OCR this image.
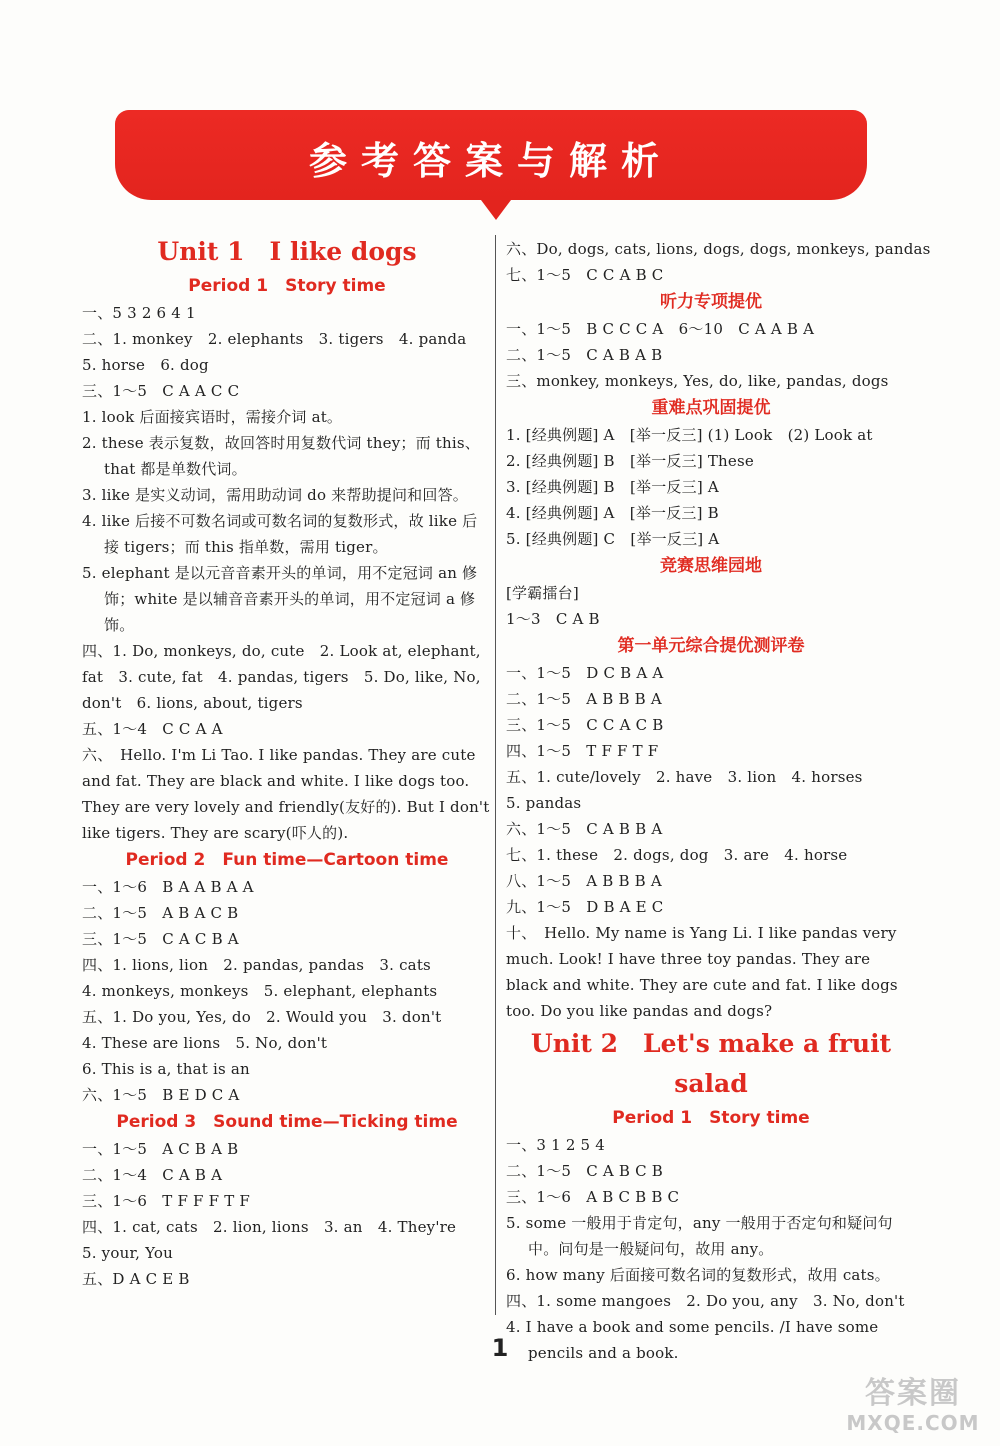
参考答案与解析
Unit 1　I like dogs
Period 1　Story time

一、5 3 2 6 4 1

二、1. monkey　2. elephants　3. tigers　4. panda

5. horse　6. dog

三、1～5　C A A C C

1. look 后面接宾语时，需接介词 at。

2. these 表示复数，故回答时用复数代词 they；而 this、that 都是单数代词。

3. like 是实义动词，需用助动词 do 来帮助提问和回答。

4. like 后接不可数名词或可数名词的复数形式，故 like 后接 tigers；而 this 指单数，需用 tiger。

5. elephant 是以元音音素开头的单词，用不定冠词 an 修饰；white 是以辅音音素开头的单词，用不定冠词 a 修饰。

四、1. Do, monkeys, do, cute　2. Look at, elephant, fat　3. cute, fat　4. pandas, tigers　5. Do, like, No, don't　6. lions, about, tigers

五、1～4　C C A A

六、　Hello. I'm Li Tao. I like pandas. They are cute and fat. They are black and white. I like dogs too. They are very lovely and friendly(友好的). But I don't like tigers. They are scary(吓人的).

Period 2　Fun time—Cartoon time

一、1～6　B A A B A A

二、1～5　A B A C B

三、1～5　C A C B A

四、1. lions, lion　2. pandas, pandas　3. cats

4. monkeys, monkeys　5. elephant, elephants

五、1. Do you, Yes, do　2. Would you　3. don't

4. These are lions　5. No, don't

6. This is a, that is an

六、1～5　B E D C A

Period 3　Sound time—Ticking time

一、1～5　A C B A B

二、1～4　C A B A

三、1～6　T F F F T F

四、1. cat, cats　2. lion, lions　3. an　4. They're

5. your, You

五、D A C E B

六、Do, dogs, cats, lions, dogs, dogs, monkeys, pandas

七、1～5　C C A B C

听力专项提优

一、1～5　B C C C A　6～10　C A A B A

二、1～5　C A B A B

三、monkey, monkeys, Yes, do, like, pandas, dogs

重难点巩固提优

1. [经典例题] A　[举一反三] (1) Look　(2) Look at

2. [经典例题] B　[举一反三] These

3. [经典例题] B　[举一反三] A

4. [经典例题] A　[举一反三] B

5. [经典例题] C　[举一反三] A

竞赛思维园地

[学霸擂台]

1～3　C A B

第一单元综合提优测评卷

一、1～5　D C B A A

二、1～5　A B B B A

三、1～5　C C A C B

四、1～5　T F F T F

五、1. cute/lovely　2. have　3. lion　4. horses

5. pandas

六、1～5　C A B B A

七、1. these　2. dogs, dog　3. are　4. horse

八、1～5　A B B B A

九、1～5　D B A E C

十、　Hello. My name is Yang Li. I like pandas very much. Look! I have three toy pandas. They are black and white. They are cute and fat. I like dogs too. Do you like pandas and dogs?

Unit 2　Let's make a fruit salad
Period 1　Story time

一、3 1 2 5 4

二、1～5　C A B C B

三、1～6　A B C B B C

5. some 一般用于肯定句，any 一般用于否定句和疑问句中。问句是一般疑问句，故用 any。

6. how many 后面接可数名词的复数形式，故用 cats。

四、1. some mangoes　2. Do you, any　3. No, don't

4. I have a book and some pencils. /I have some pencils and a book.

1
答案圈
MXQE.COM
